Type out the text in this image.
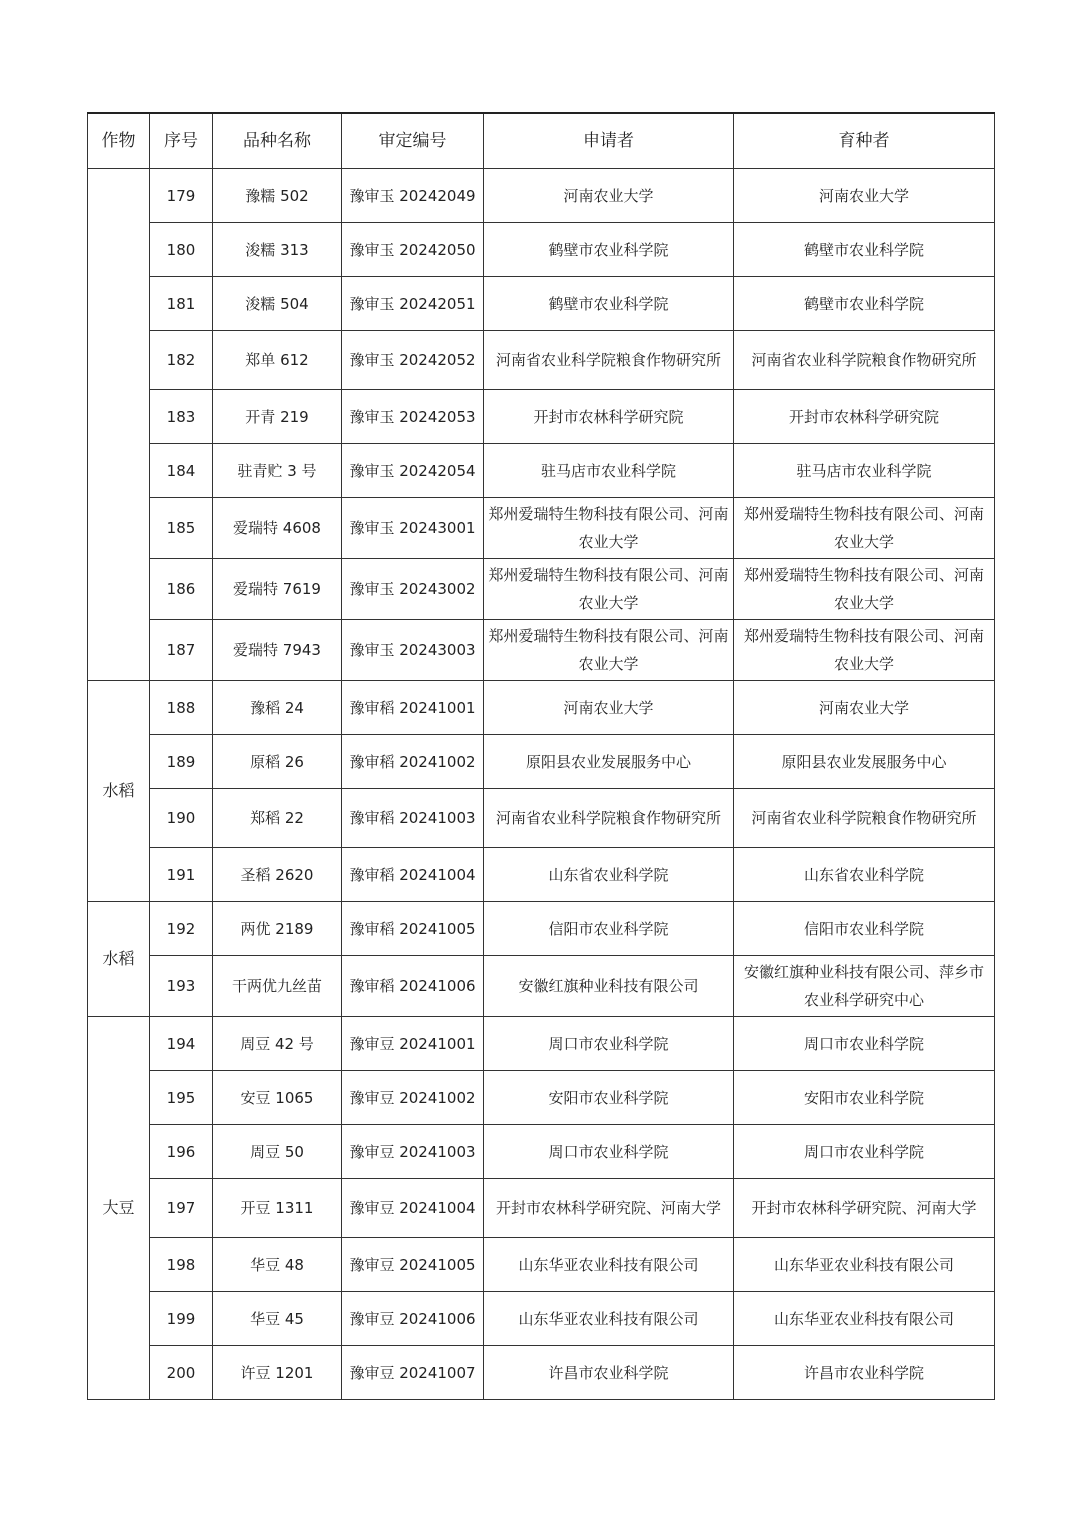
作物	序号	品种名称	审定编号	申请者	育种者
	179	豫糯 502	豫审玉 20242049	河南农业大学	河南农业大学
	180	浚糯 313	豫审玉 20242050	鹤壁市农业科学院	鹤壁市农业科学院
	181	浚糯 504	豫审玉 20242051	鹤壁市农业科学院	鹤壁市农业科学院
	182	郑单 612	豫审玉 20242052	河南省农业科学院粮食作物研究所	河南省农业科学院粮食作物研究所
	183	开青 219	豫审玉 20242053	开封市农林科学研究院	开封市农林科学研究院
	184	驻青贮 3 号	豫审玉 20242054	驻马店市农业科学院	驻马店市农业科学院
	185	爱瑞特 4608	豫审玉 20243001	郑州爱瑞特生物科技有限公司、河南农业大学	郑州爱瑞特生物科技有限公司、河南农业大学
	186	爱瑞特 7619	豫审玉 20243002	郑州爱瑞特生物科技有限公司、河南农业大学	郑州爱瑞特生物科技有限公司、河南农业大学
	187	爱瑞特 7943	豫审玉 20243003	郑州爱瑞特生物科技有限公司、河南农业大学	郑州爱瑞特生物科技有限公司、河南农业大学
水稻	188	豫稻 24	豫审稻 20241001	河南农业大学	河南农业大学
	189	原稻 26	豫审稻 20241002	原阳县农业发展服务中心	原阳县农业发展服务中心
	190	郑稻 22	豫审稻 20241003	河南省农业科学院粮食作物研究所	河南省农业科学院粮食作物研究所
	191	圣稻 2620	豫审稻 20241004	山东省农业科学院	山东省农业科学院
水稻	192	两优 2189	豫审稻 20241005	信阳市农业科学院	信阳市农业科学院
	193	干两优九丝苗	豫审稻 20241006	安徽红旗种业科技有限公司	安徽红旗种业科技有限公司、萍乡市农业科学研究中心
大豆	194	周豆 42 号	豫审豆 20241001	周口市农业科学院	周口市农业科学院
	195	安豆 1065	豫审豆 20241002	安阳市农业科学院	安阳市农业科学院
	196	周豆 50	豫审豆 20241003	周口市农业科学院	周口市农业科学院
	197	开豆 1311	豫审豆 20241004	开封市农林科学研究院、河南大学	开封市农林科学研究院、河南大学
	198	华豆 48	豫审豆 20241005	山东华亚农业科技有限公司	山东华亚农业科技有限公司
	199	华豆 45	豫审豆 20241006	山东华亚农业科技有限公司	山东华亚农业科技有限公司
	200	许豆 1201	豫审豆 20241007	许昌市农业科学院	许昌市农业科学院
